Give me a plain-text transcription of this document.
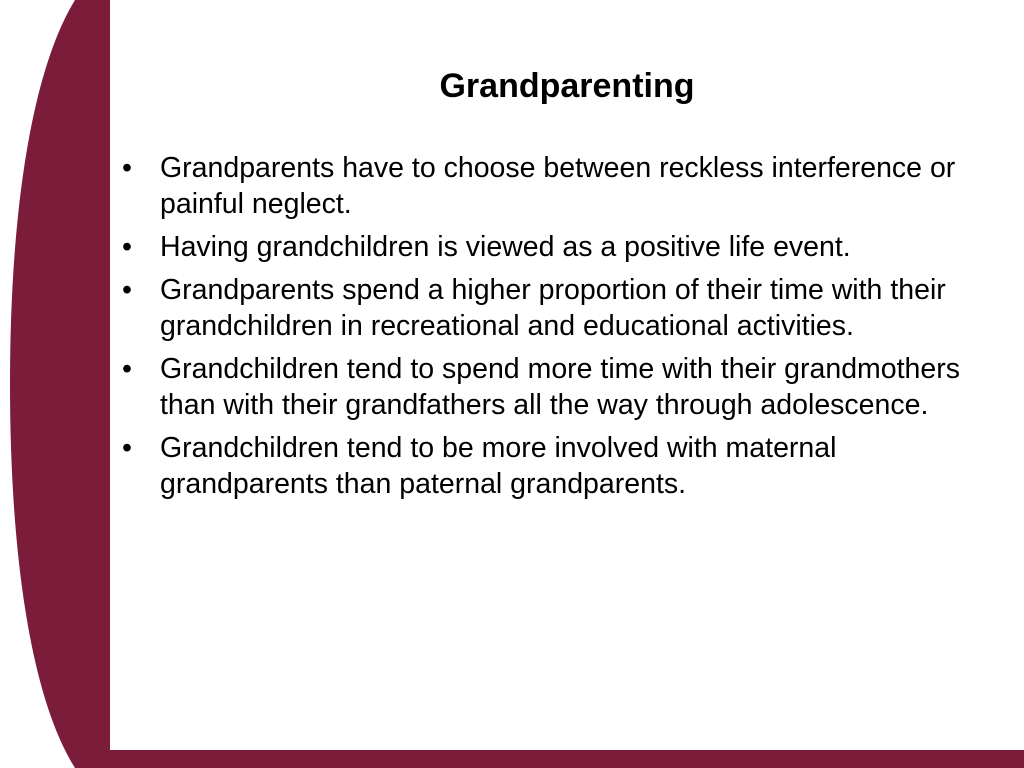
Grandparenting
• Grandparents have to choose between reckless interference or painful neglect.
• Having grandchildren is viewed as a positive life event.
• Grandparents spend a higher proportion of their time with their grandchildren in recreational and educational activities.
• Grandchildren tend to spend more time with their grandmothers than with their grandfathers all the way through adolescence.
• Grandchildren tend to be more involved with maternal grandparents than paternal grandparents.
